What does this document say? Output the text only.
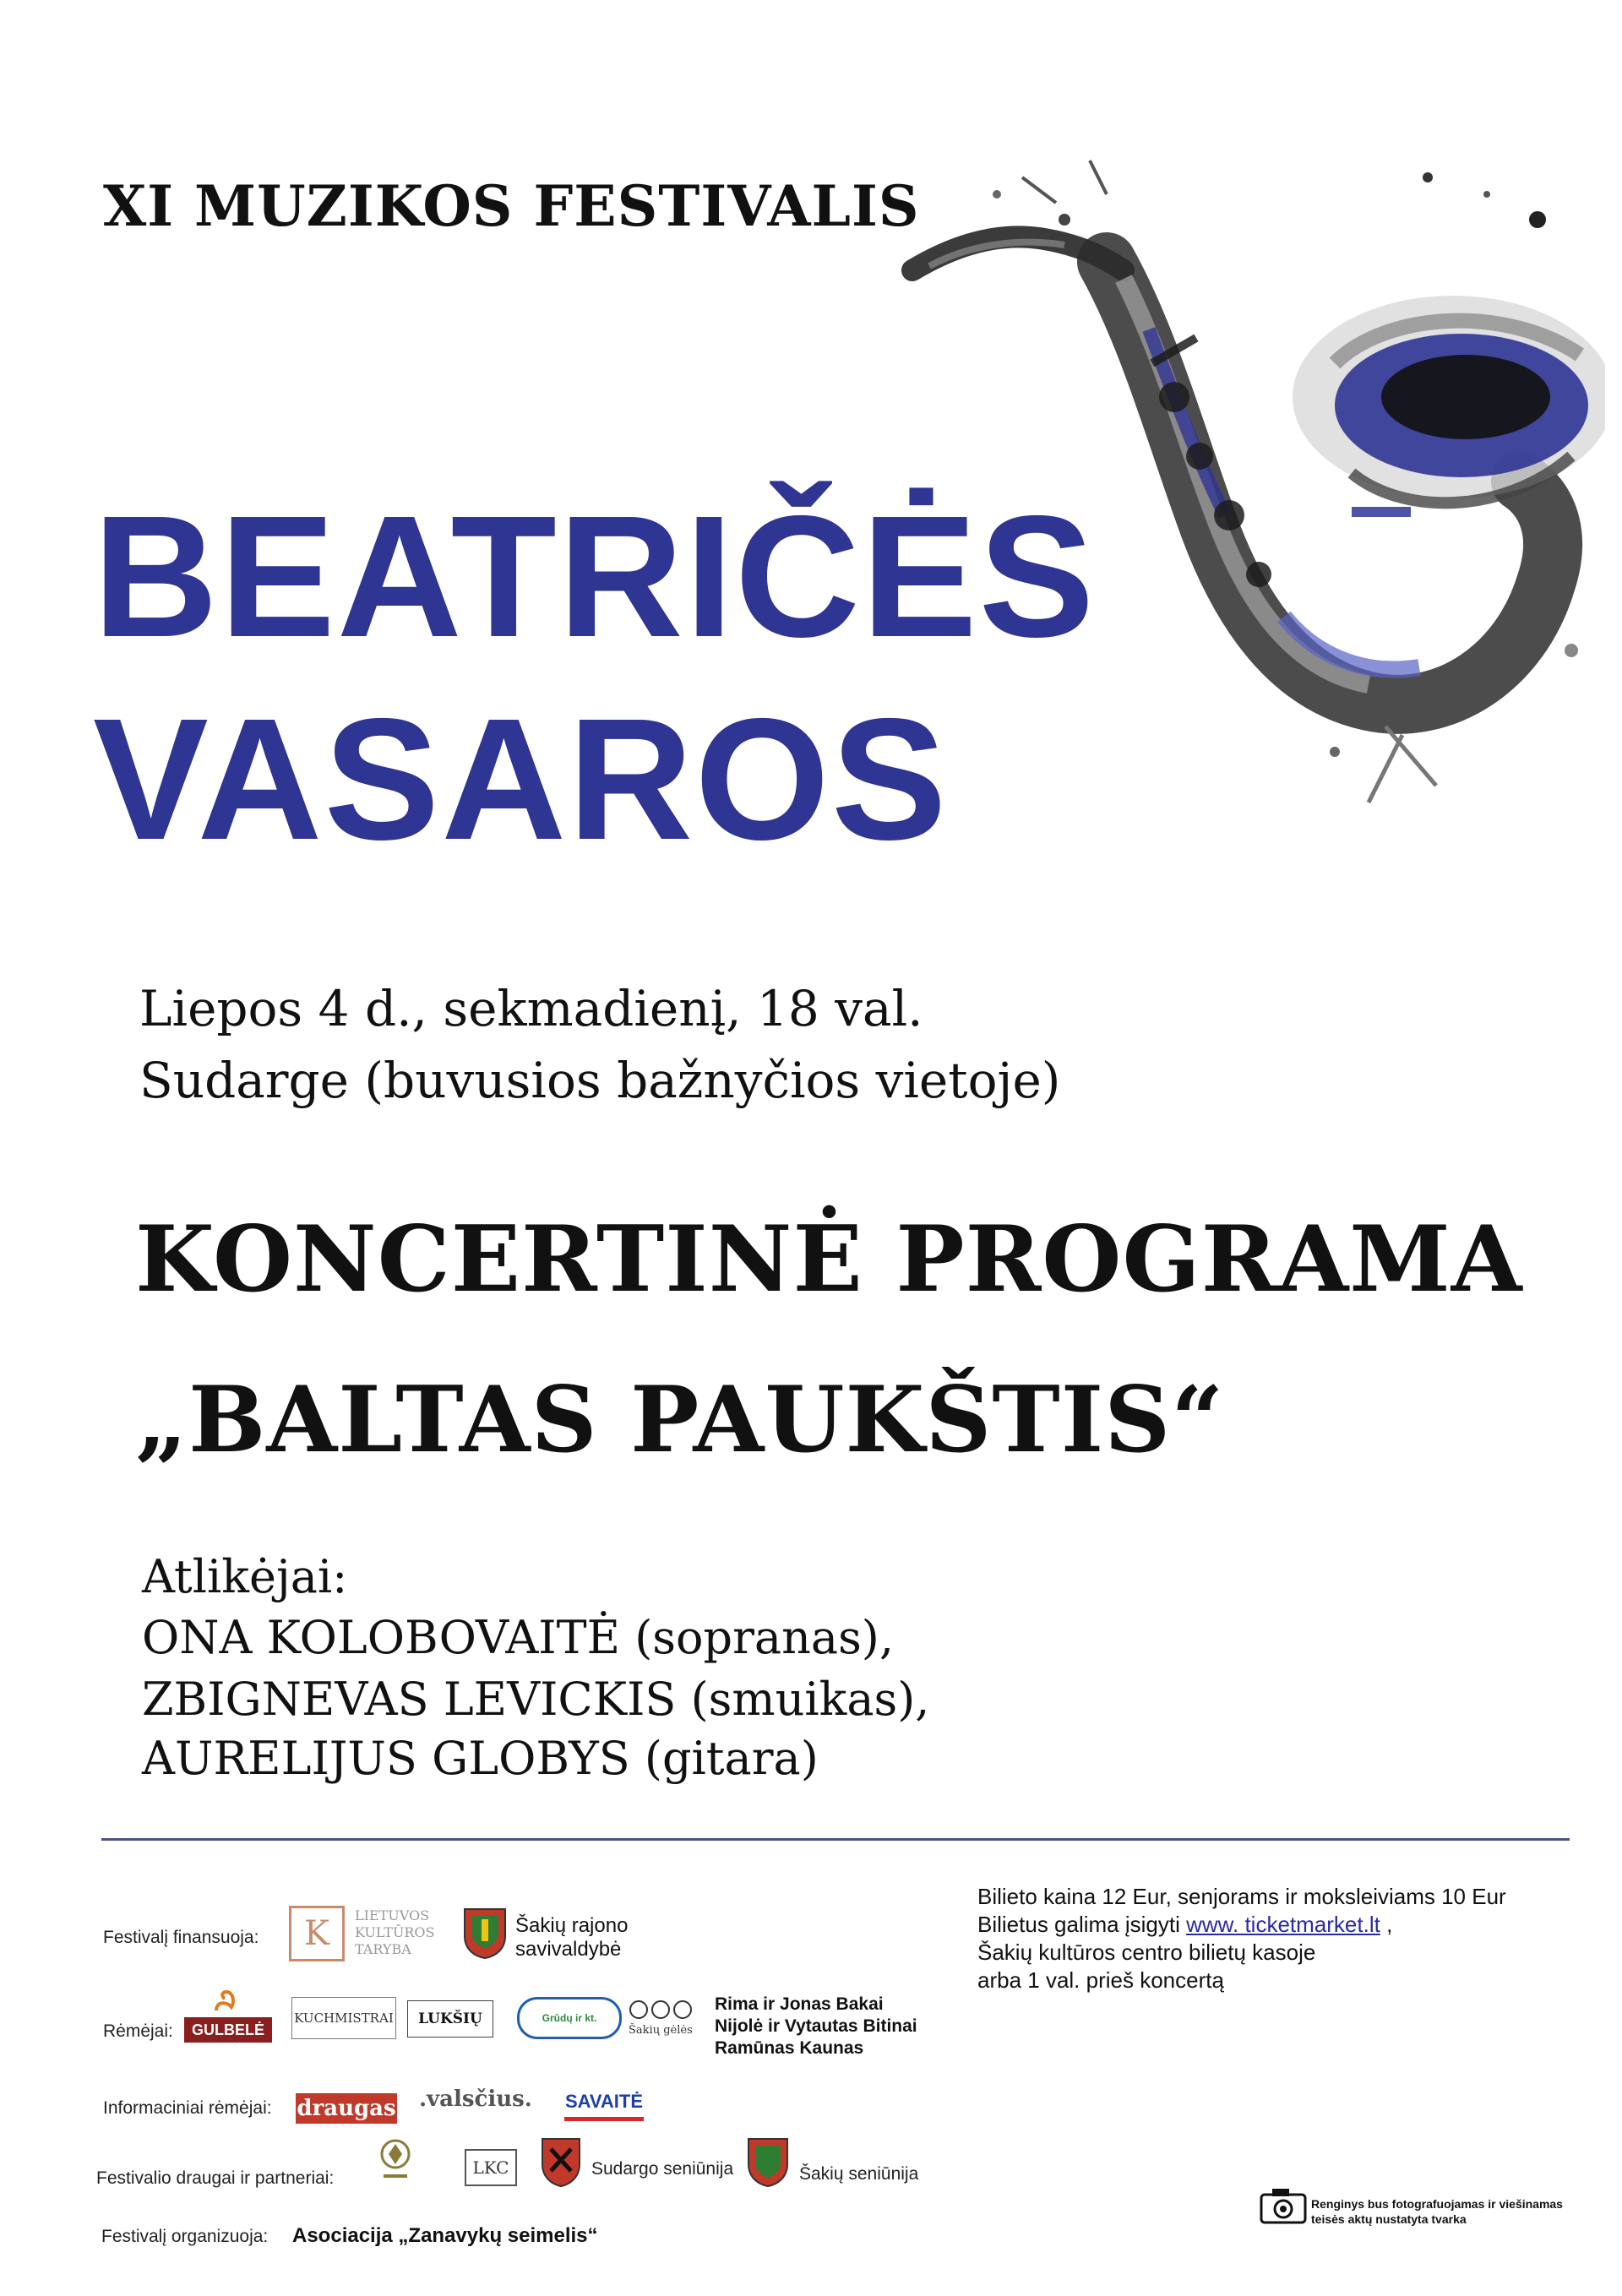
XI MUZIKOS FESTIVALIS
BEATRIČĖS
VASAROS
Liepos 4 d., sekmadienį, 18 val.
Sudarge (buvusios bažnyčios vietoje)
KONCERTINĖ PROGRAMA
„BALTAS PAUKŠTIS“
Atlikėjai:
ONA KOLOBOVAITĖ (sopranas),
ZBIGNEVAS LEVICKIS (smuikas),
AURELIJUS GLOBYS (gitara)
Bilieto kaina 12 Eur, senjorams ir moksleiviams 10 Eur
Bilietus galima įsigyti www. ticketmarket.lt ,
Šakių kultūros centro bilietų kasoje
arba 1 val. prieš koncertą
Festivalį finansuoja: K LIETUVOS
KULTŪROS
TARYBA
Šakių rajono
savivaldybė
Rėmėjai:	GULBELĖ
KUCHMISTRAI LUKŠIŲ	Grūdų ir kt.
Šakių gėlės
Rima ir Jonas Bakai
Nijolė ir Vytautas Bitinai
Ramūnas Kaunas
Informaciniai rėmėjai: draugas .valsčius. SAVAITĖ
Festivalio draugai ir partneriai:
LKC	Sudargo seniūnija	Šakių seniūnija
Festivalį organizuoja: Asociacija „Zanavykų seimelis“
Renginys bus fotografuojamas ir viešinamas
teisės aktų nustatyta tvarka
